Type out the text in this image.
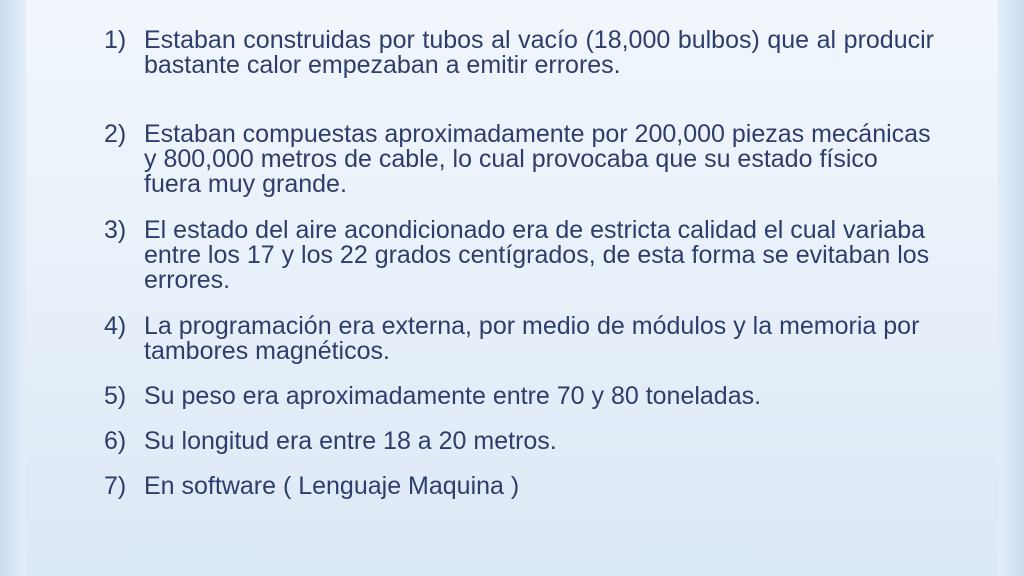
1) Estaban construidas por tubos al vacío (18,000 bulbos) que al producir bastante calor empezaban a emitir errores.
2) Estaban compuestas aproximadamente por 200,000 piezas mecánicas y 800,000 metros de cable, lo cual provocaba que su estado físico fuera muy grande.
3) El estado del aire acondicionado era de estricta calidad el cual variaba entre los 17 y los 22 grados centígrados, de esta forma se evitaban los errores.
4) La programación era externa, por medio de módulos y la memoria por tambores magnéticos.
5) Su peso era aproximadamente entre 70 y 80 toneladas.
6) Su longitud era entre 18 a 20 metros.
7) En software ( Lenguaje Maquina )
